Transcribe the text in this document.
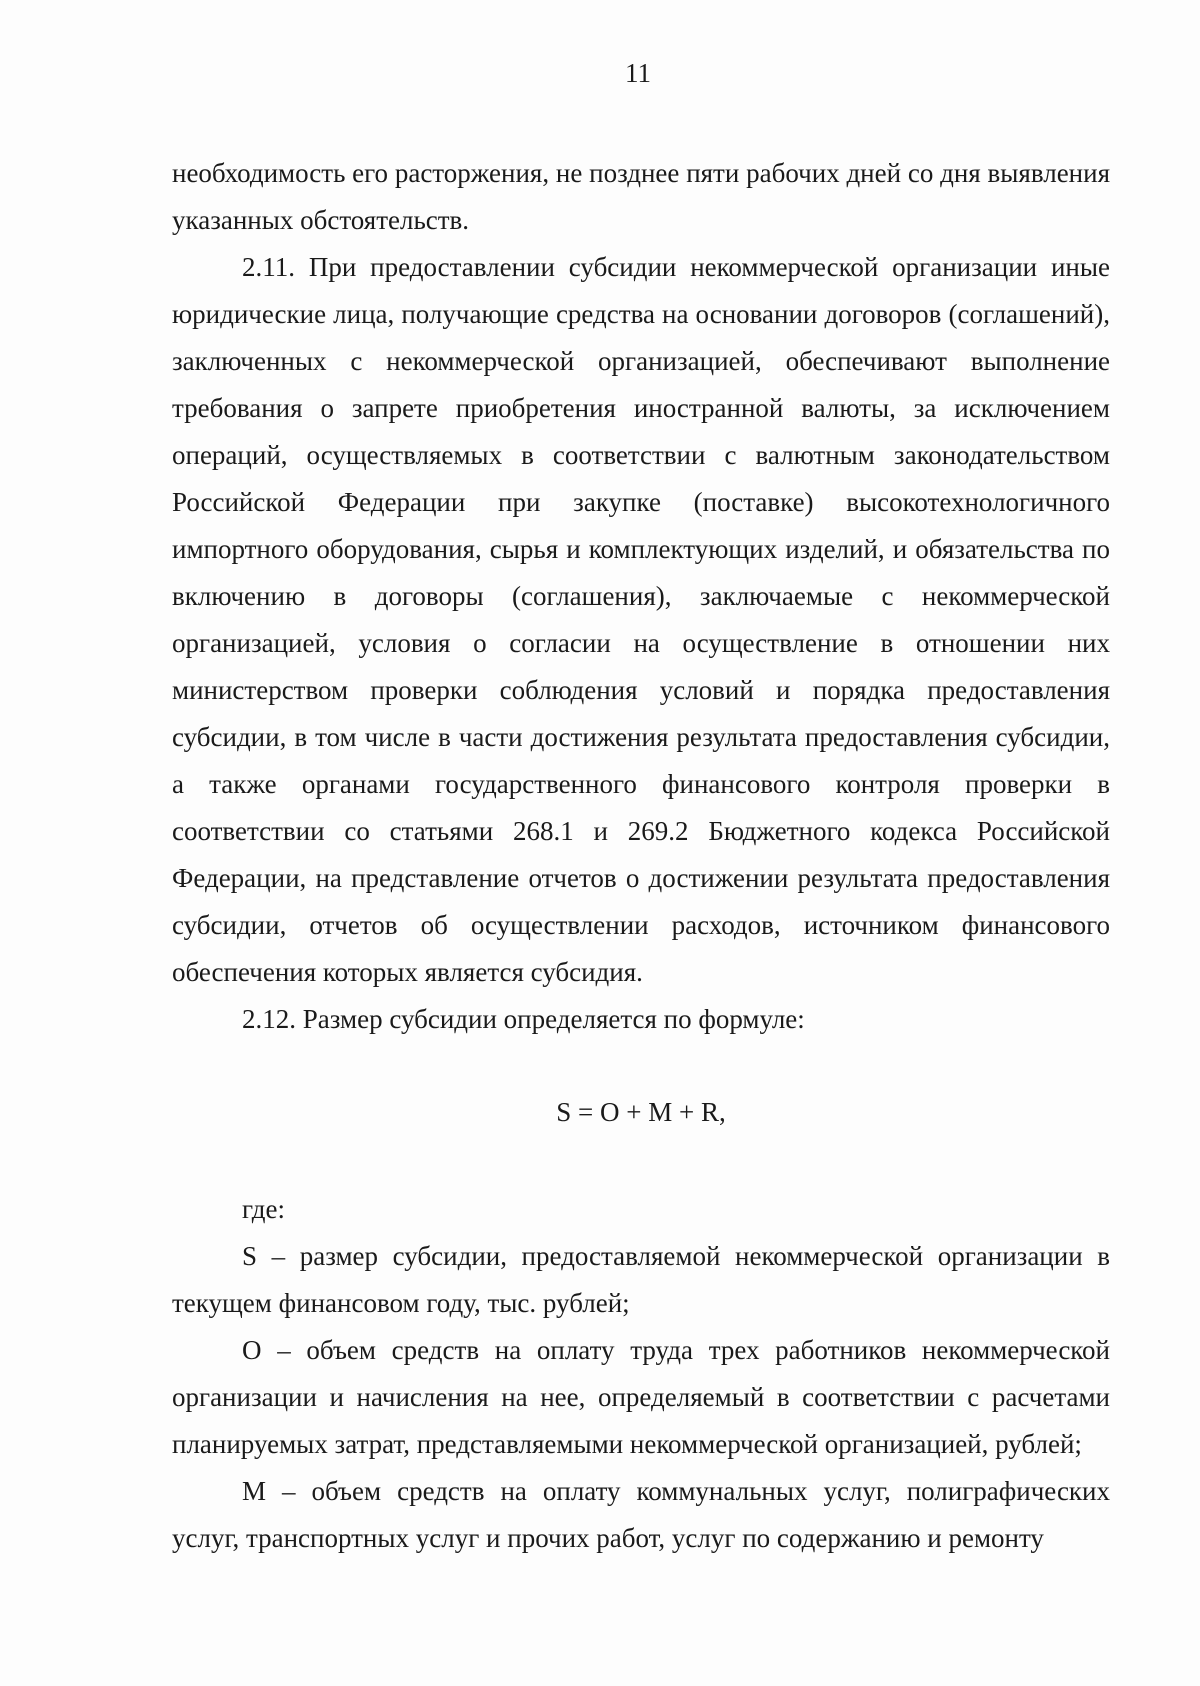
11

необходимость его расторжения, не позднее пяти рабочих дней со дня выявления указанных обстоятельств.

2.11. При предоставлении субсидии некоммерческой организации иные юридические лица, получающие средства на основании договоров (соглашений), заключенных с некоммерческой организацией, обеспечивают выполнение требования о запрете приобретения иностранной валюты, за исключением операций, осуществляемых в соответствии с валютным законодательством Российской Федерации при закупке (поставке) высокотехнологичного импортного оборудования, сырья и комплектующих изделий, и обязательства по включению в договоры (соглашения), заключаемые с некоммерческой организацией, условия о согласии на осуществление в отношении них министерством проверки соблюдения условий и порядка предоставления субсидии, в том числе в части достижения результата предоставления субсидии, а также органами государственного финансового контроля проверки в соответствии со статьями 268.1 и 269.2 Бюджетного кодекса Российской Федерации, на представление отчетов о достижении результата предоставления субсидии, отчетов об осуществлении расходов, источником финансового обеспечения которых является субсидия.

2.12. Размер субсидии определяется по формуле:

S = O + M + R,

где:

S – размер субсидии, предоставляемой некоммерческой организации в текущем финансовом году, тыс. рублей;

O – объем средств на оплату труда трех работников некоммерческой организации и начисления на нее, определяемый в соответствии с расчетами планируемых затрат, представляемыми некоммерческой организацией, рублей;

M – объем средств на оплату коммунальных услуг, полиграфических услуг, транспортных услуг и прочих работ, услуг по содержанию и ремонту
